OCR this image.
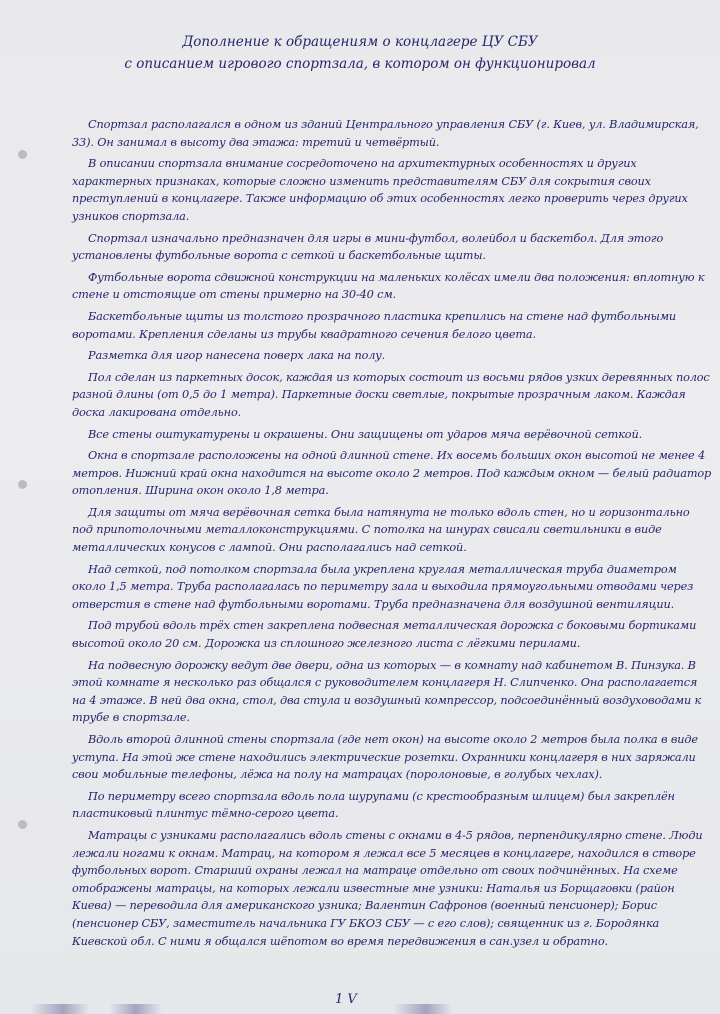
Дополнение к обращениям о концлагере ЦУ СБУ
с описанием игрового спортзала, в котором он функционировал

Спортзал располагался в одном из зданий Центрального управления СБУ (г. Киев, ул. Владимирская, 33). Он занимал в высоту два этажа: третий и четвёртый.

В описании спортзала внимание сосредоточено на архитектурных особенностях и других характерных признаках, которые сложно изменить представителям СБУ для сокрытия своих преступлений в концлагере. Также информацию об этих особенностях легко проверить через других узников спортзала.

Спортзал изначально предназначен для игры в мини-футбол, волейбол и баскетбол. Для этого установлены футбольные ворота с сеткой и баскетбольные щиты.

Футбольные ворота сдвижной конструкции на маленьких колёсах имели два положения: вплотную к стене и отстоящие от стены примерно на 30-40 см.

Баскетбольные щиты из толстого прозрачного пластика крепились на стене над футбольными воротами. Крепления сделаны из трубы квадратного сечения белого цвета.

Разметка для игор нанесена поверх лака на полу.

Пол сделан из паркетных досок, каждая из которых состоит из восьми рядов узких деревянных полос разной длины (от 0,5 до 1 метра). Паркетные доски светлые, покрытые прозрачным лаком. Каждая доска лакирована отдельно.

Все стены оштукатурены и окрашены. Они защищены от ударов мяча верёвочной сеткой.

Окна в спортзале расположены на одной длинной стене. Их восемь больших окон высотой не менее 4 метров. Нижний край окна находится на высоте около 2 метров. Под каждым окном — белый радиатор отопления. Ширина окон около 1,8 метра.

Для защиты от мяча верёвочная сетка была натянута не только вдоль стен, но и горизонтально под припотолочными металлоконструкциями. С потолка на шнурах свисали светильники в виде металлических конусов с лампой. Они располагались над сеткой.

Над сеткой, под потолком спортзала была укреплена круглая металлическая труба диаметром около 1,5 метра. Труба располагалась по периметру зала и выходила прямоугольными отводами через отверстия в стене над футбольными воротами. Труба предназначена для воздушной вентиляции.

Под трубой вдоль трёх стен закреплена подвесная металлическая дорожка с боковыми бортиками высотой около 20 см. Дорожка из сплошного железного листа с лёгкими перилами.

На подвесную дорожку ведут две двери, одна из которых — в комнату над кабинетом В. Пинзука. В этой комнате я несколько раз общался с руководителем концлагеря Н. Слипченко. Она располагается на 4 этаже. В ней два окна, стол, два стула и воздушный компрессор, подсоединённый воздуховодами к трубе в спортзале.

Вдоль второй длинной стены спортзала (где нет окон) на высоте около 2 метров была полка в виде уступа. На этой же стене находились электрические розетки. Охранники концлагеря в них заряжали свои мобильные телефоны, лёжа на полу на матрацах (поролоновые, в голубых чехлах).

По периметру всего спортзала вдоль пола шурупами (с крестообразным шлицем) был закреплён пластиковый плинтус тёмно-серого цвета.

Матрацы с узниками располагались вдоль стены с окнами в 4-5 рядов, перпендикулярно стене. Люди лежали ногами к окнам. Матрац, на котором я лежал все 5 месяцев в концлагере, находился в створе футбольных ворот. Старший охраны лежал на матраце отдельно от своих подчинённых. На схеме отображены матрацы, на которых лежали известные мне узники: Наталья из Борщаговки (район Киева) — переводила для американского узника; Валентин Сафронов (военный пенсионер); Борис (пенсионер СБУ, заместитель начальника ГУ БКОЗ СБУ — с его слов); священник из г. Бородянка Киевской обл. С ними я общался шёпотом во время передвижения в сан.узел и обратно.

1 V
